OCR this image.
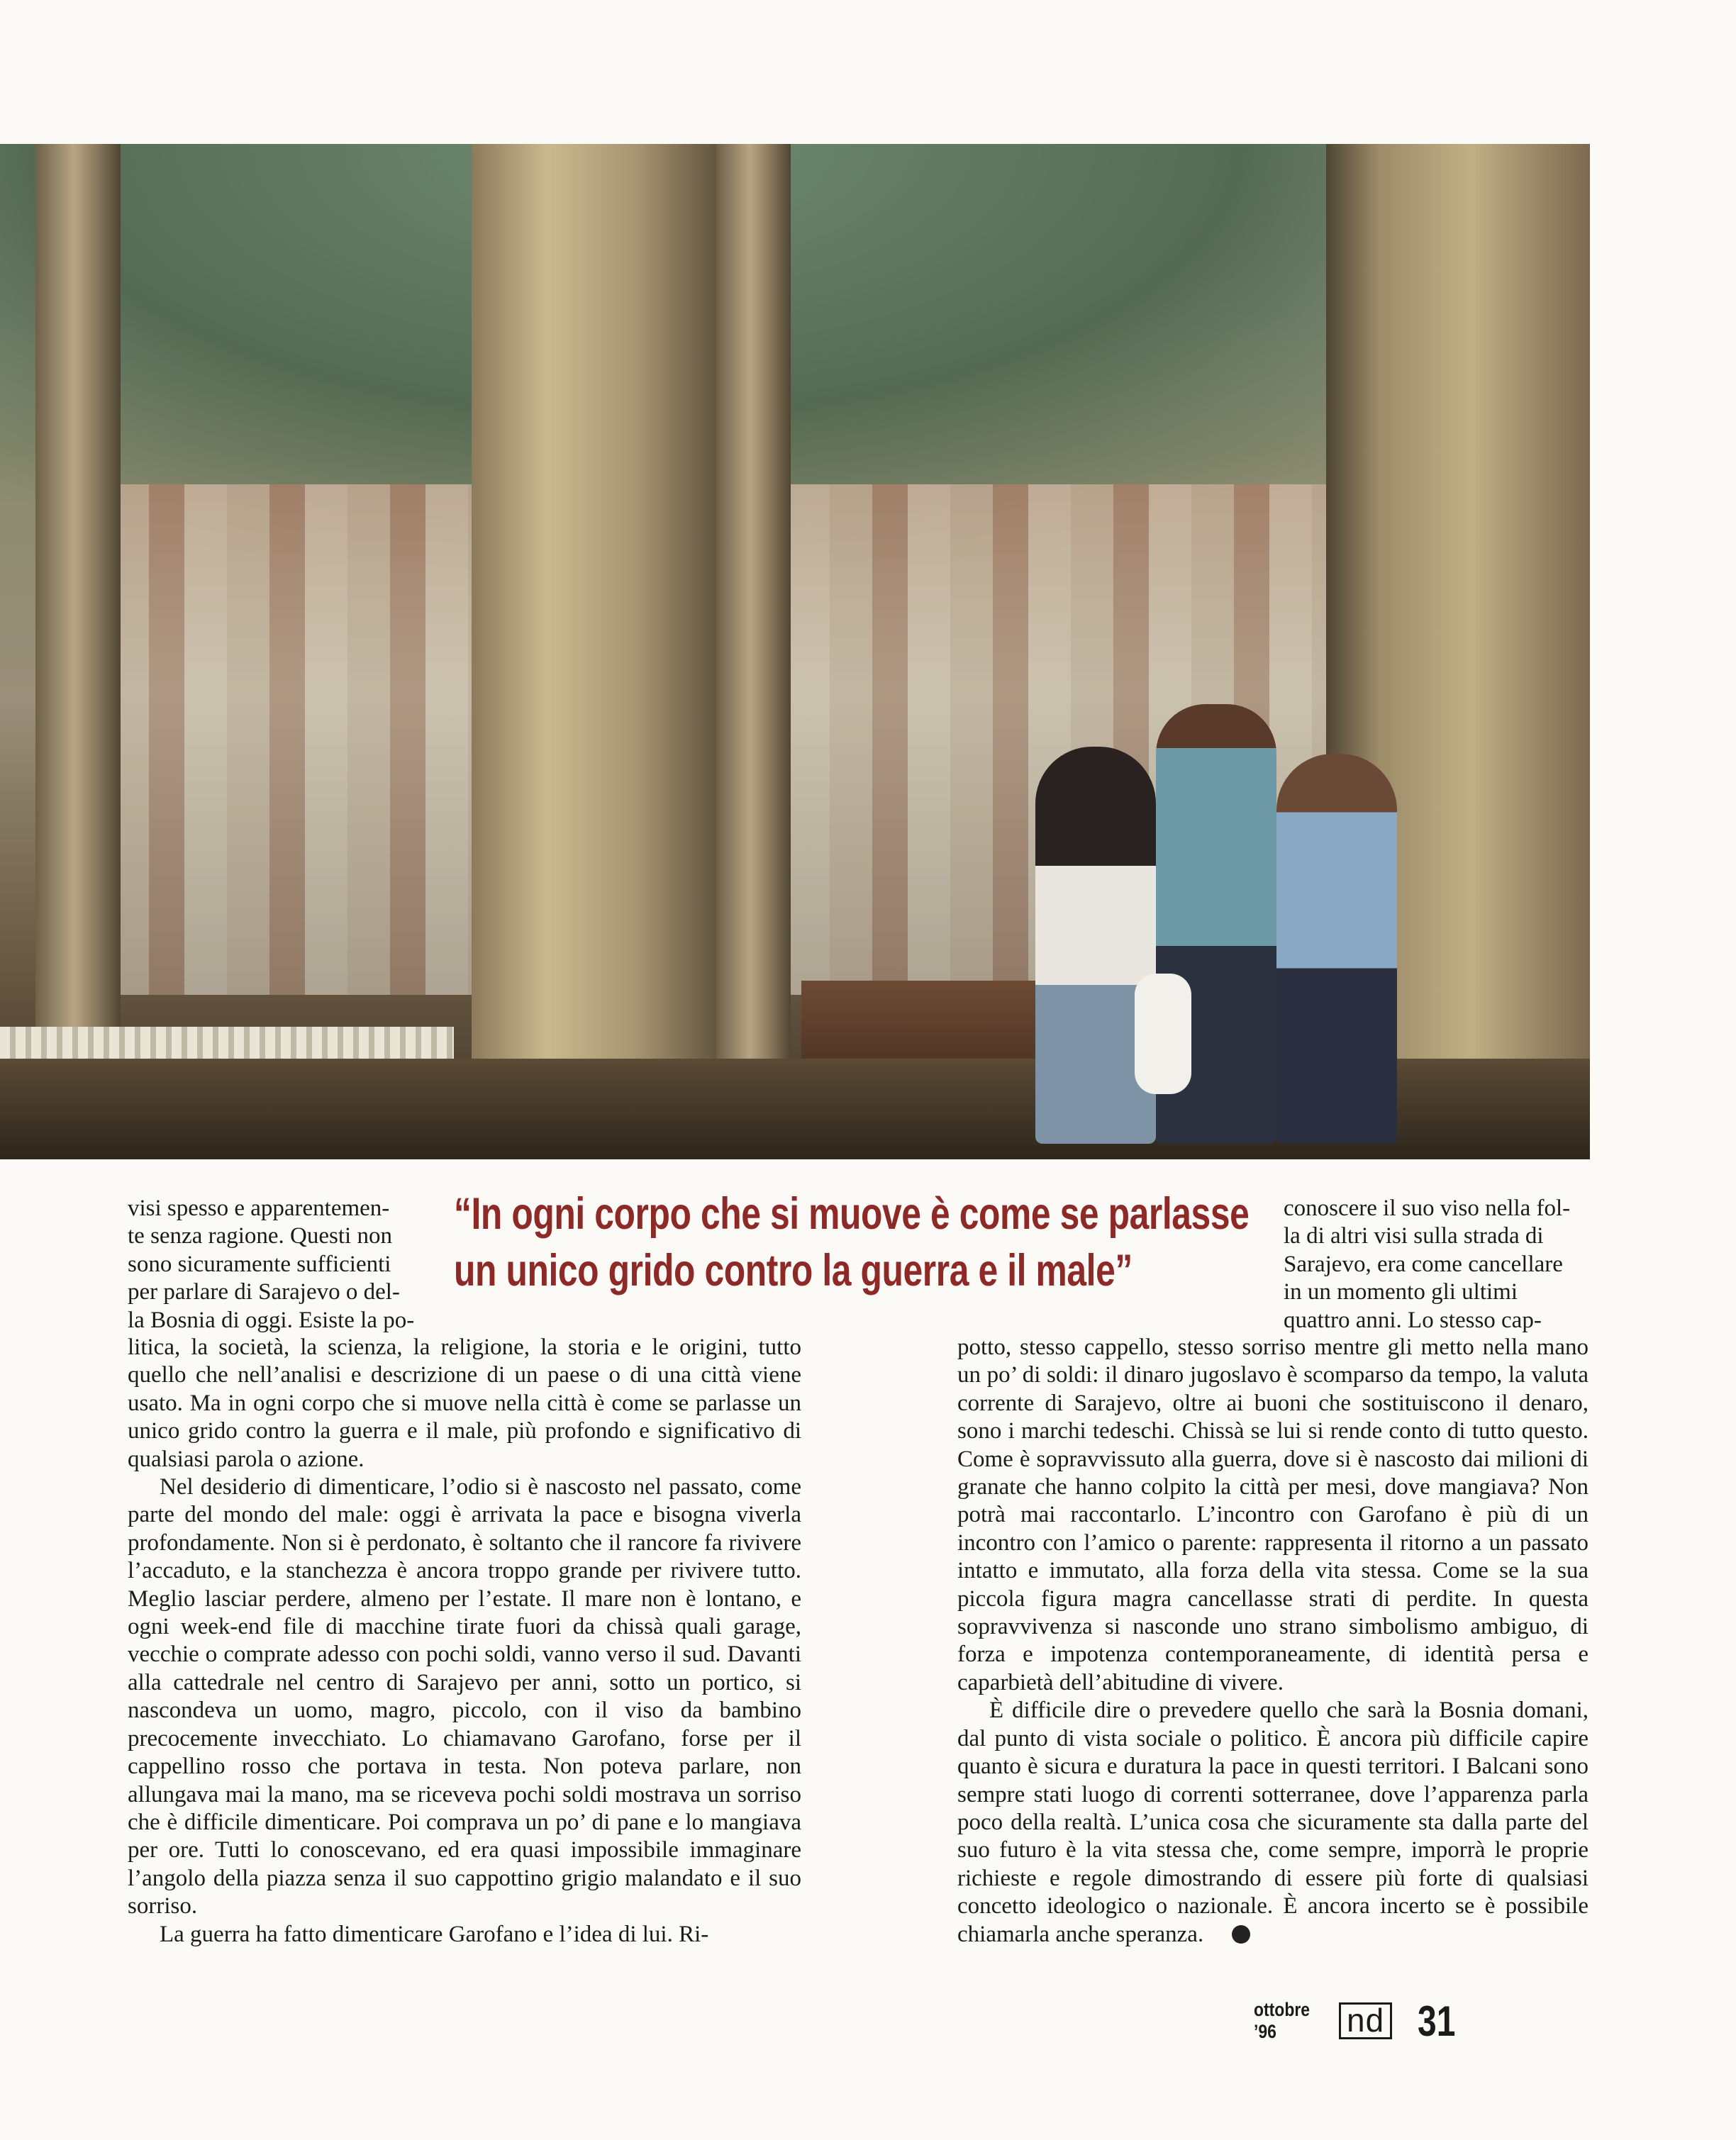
“In ogni corpo che si muove è come se parlasse un unico grido contro la guerra e il male”
visi spesso e apparentemen-
te senza ragione. Questi non
sono sicuramente sufficienti
per parlare di Sarajevo o del-
la Bosnia di oggi. Esiste la po-

litica, la società, la scienza, la religione, la storia e le origini, tutto quello che nell’analisi e descrizione di un paese o di una città viene usato. Ma in ogni corpo che si muove nella città è come se parlasse un unico grido contro la guerra e il male, più profondo e significativo di qualsiasi parola o azione.

Nel desiderio di dimenticare, l’odio si è nascosto nel passato, come parte del mondo del male: oggi è arrivata la pace e bisogna viverla profondamente. Non si è perdonato, è soltanto che il rancore fa rivivere l’accaduto, e la stanchezza è ancora troppo grande per rivivere tutto. Meglio lasciar perdere, almeno per l’estate. Il mare non è lontano, e ogni week-end file di macchine tirate fuori da chissà quali garage, vecchie o comprate adesso con pochi soldi, vanno verso il sud. Davanti alla cattedrale nel centro di Sarajevo per anni, sotto un portico, si nascondeva un uomo, magro, piccolo, con il viso da bambino precocemente invecchiato. Lo chiamavano Garofano, forse per il cappellino rosso che portava in testa. Non poteva parlare, non allungava mai la mano, ma se riceveva pochi soldi mostrava un sorriso che è difficile dimenticare. Poi comprava un po’ di pane e lo mangiava per ore. Tutti lo conoscevano, ed era quasi impossibile immaginare l’angolo della piazza senza il suo cappottino grigio malandato e il suo sorriso.

La guerra ha fatto dimenticare Garofano e l’idea di lui. Ri-

conoscere il suo viso nella fol-
la di altri visi sulla strada di
Sarajevo, era come cancellare
in un momento gli ultimi
quattro anni. Lo stesso cap-

potto, stesso cappello, stesso sorriso mentre gli metto nella mano un po’ di soldi: il dinaro jugoslavo è scomparso da tempo, la valuta corrente di Sarajevo, oltre ai buoni che sostituiscono il denaro, sono i marchi tedeschi. Chissà se lui si rende conto di tutto questo. Come è sopravvissuto alla guerra, dove si è nascosto dai milioni di granate che hanno colpito la città per mesi, dove mangiava? Non potrà mai raccontarlo. L’incontro con Garofano è più di un incontro con l’amico o parente: rappresenta il ritorno a un passato intatto e immutato, alla forza della vita stessa. Come se la sua piccola figura magra cancellasse strati di perdite. In questa sopravvivenza si nasconde uno strano simbolismo ambiguo, di forza e impotenza contemporaneamente, di identità persa e caparbietà dell’abitudine di vivere.

È difficile dire o prevedere quello che sarà la Bosnia domani, dal punto di vista sociale o politico. È ancora più difficile capire quanto è sicura e duratura la pace in questi territori. I Balcani sono sempre stati luogo di correnti sotterranee, dove l’apparenza parla poco della realtà. L’unica cosa che sicuramente sta dalla parte del suo futuro è la vita stessa che, come sempre, imporrà le proprie richieste e regole dimostrando di essere più forte di qualsiasi concetto ideologico o nazionale. È ancora incerto se è possibile chiamarla anche speranza.

ottobre ’96	nd 31
